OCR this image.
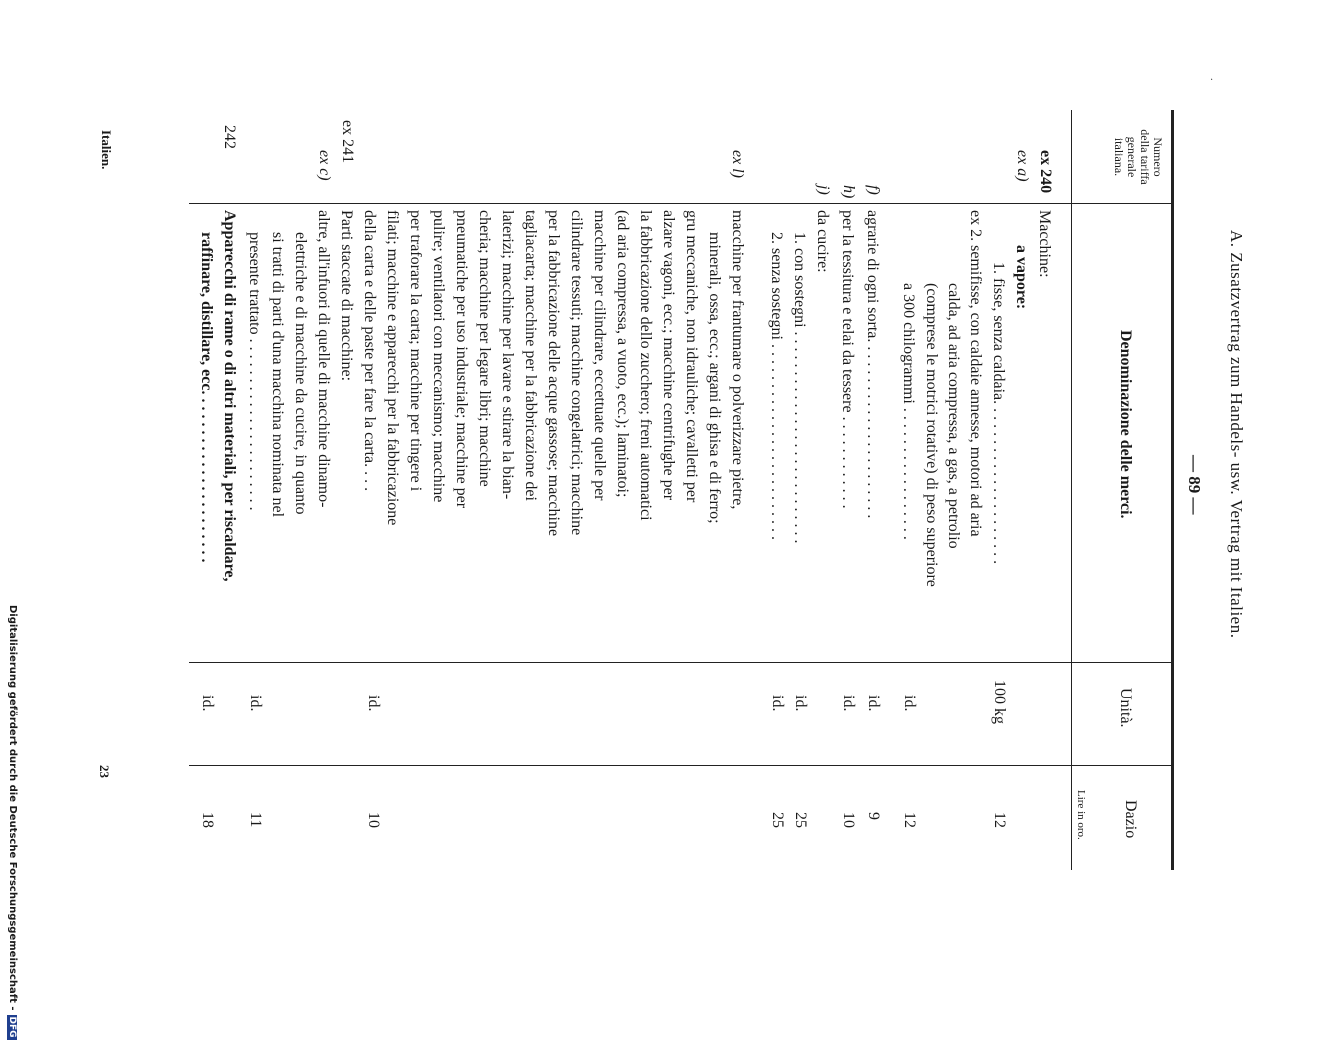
A. Zusatzvertrag zum Handels- usw. Vertrag mit Italien.
— 89 —
.
Numero
della tariffa
generale
italiana.
Denominazione delle merci.
Unità.
Dazio
Lire in oro.
ex 240
Macchine:
ex a)
a vapore:
1. fisse, senza caldaia. . . . . . . . . . . . . . . . . . . . .
100 kg
12
ex 2. semifisse, con caldaie annesse, motori ad aria
calda, ad aria compressa, a gas, a petrolio
(comprese le motrici rotative) di peso superiore
a 300 chilogrammi . . . . . . . . . . . . . . . . .
id.
12
f)
agrarie di ogni sorta. . . . . . . . . . . . . . . . . . . . . . .
id.
9
h)
per la tessitura e telai da tessere . . . . . . . . . . . .
id.
10
j)
da cucire:
1. con sostegni . . . . . . . . . . . . . . . . . . . . . . . . . . .
id.
25
2. senza sostegni . . . . . . . . . . . . . . . . . . . . . . . . .
id.
25
ex l)
macchine per frantumare o polverizzare pietre,
minerali, ossa, ecc.; argani di ghisa e di ferro;
gru meccaniche, non idrauliche; cavalletti per
alzare vagoni, ecc.; macchine centrifughe per
la fabbricazione dello zucchero; freni automatici
(ad aria compressa, a vuoto, ecc.); laminatoi;
macchine per cilindrare, eccettuate quelle per
cilindrare tessuti; macchine congelatrici; macchine
per la fabbricazione delle acque gassose; macchine
tagliacarta; macchine per la fabbricazione dei
laterizi; macchine per lavare e stirare la bian-
cheria; macchine per legare libri; macchine
pneumatiche per uso industriale; macchine per
pulire; ventilatori con meccanismo; macchine
per traforare la carta; macchine per tingere i
filati; macchine e apparecchi per la fabbricazione
della carta e delle paste per fare la carta. . . .
id.
10
ex 241
Parti staccate di macchine:
ex c)
altre, all'infuori di quelle di macchine dinamo-
elettriche e di macchine da cucire, in quanto
si tratti di parti d'una macchina nominata nel
presente trattato . . . . . . . . . . . . . . . . . . . . . .
id.
11
242
Apparecchi di rame o di altri materiali, per riscaldare,
raffinare, distillare, ecc. . . . . . . . . . . . . . . . . . . . . .
id.
18
Italien.
23
Digitalisierung gefördert durch die Deutsche Forschungsgemeinschaft -DFG
